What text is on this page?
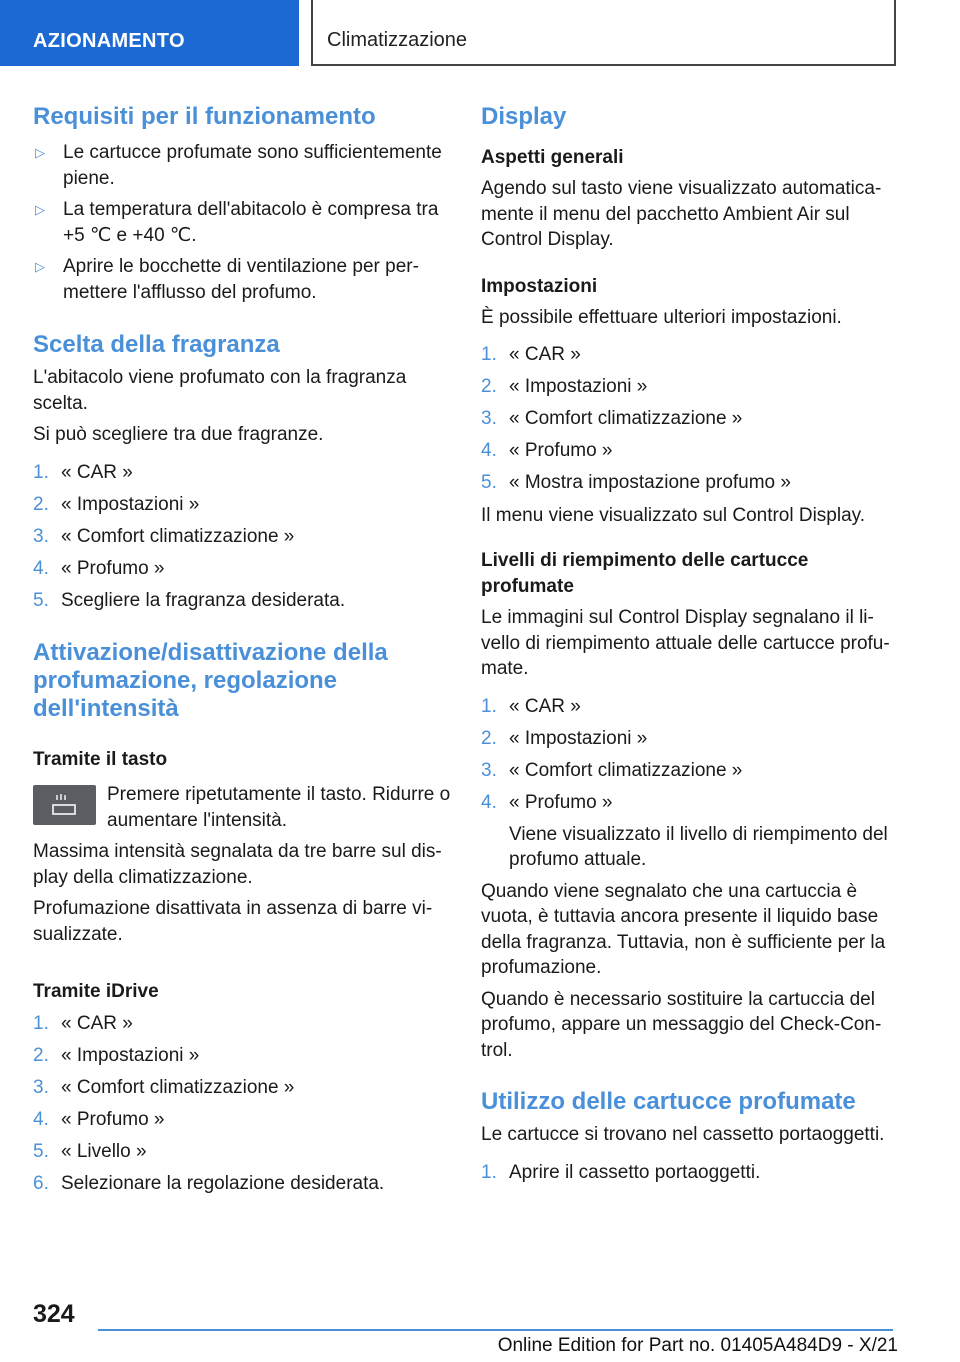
AZIONAMENTO	Climatizzazione
Requisiti per il funzionamento
▷ Le cartucce profumate sono sufficientemente piene.
▷ La temperatura dell'abitacolo è compresa tra +5 ℃ e +40 ℃.
▷ Aprire le bocchette di ventilazione per permettere l'afflusso del profumo.
Scelta della fragranza

L'abitacolo viene profumato con la fragranza scelta.

Si può scegliere tra due fragranze.

1. « CAR »
2. « Impostazioni »
3. « Comfort climatizzazione »
4. « Profumo »
5. Scegliere la fragranza desiderata.
Attivazione/disattivazione della profumazione, regolazione dell'intensità
Tramite il tasto

Premere ripetutamente il tasto. Ridurre o aumentare l'intensità.

Massima intensità segnalata da tre barre sul display della climatizzazione.

Profumazione disattivata in assenza di barre visualizzate.

Tramite iDrive
1. « CAR »
2. « Impostazioni »
3. « Comfort climatizzazione »
4. « Profumo »
5. « Livello »
6. Selezionare la regolazione desiderata.
Display
Aspetti generali

Agendo sul tasto viene visualizzato automaticamente il menu del pacchetto Ambient Air sul Control Display.

Impostazioni

È possibile effettuare ulteriori impostazioni.

1. « CAR »
2. « Impostazioni »
3. « Comfort climatizzazione »
4. « Profumo »
5. « Mostra impostazione profumo »

Il menu viene visualizzato sul Control Display.

Livelli di riempimento delle cartucce profumate

Le immagini sul Control Display segnalano il livello di riempimento attuale delle cartucce profumate.

1. « CAR »
2. « Impostazioni »
3. « Comfort climatizzazione »
4. « Profumo »

Viene visualizzato il livello di riempimento del profumo attuale.

Quando viene segnalato che una cartuccia è vuota, è tuttavia ancora presente il liquido base della fragranza. Tuttavia, non è sufficiente per la profumazione.

Quando è necessario sostituire la cartuccia del profumo, appare un messaggio del Check-Control.

Utilizzo delle cartucce profumate

Le cartucce si trovano nel cassetto portaoggetti.

1. Aprire il cassetto portaoggetti.
324
Online Edition for Part no. 01405A484D9 - X/21
